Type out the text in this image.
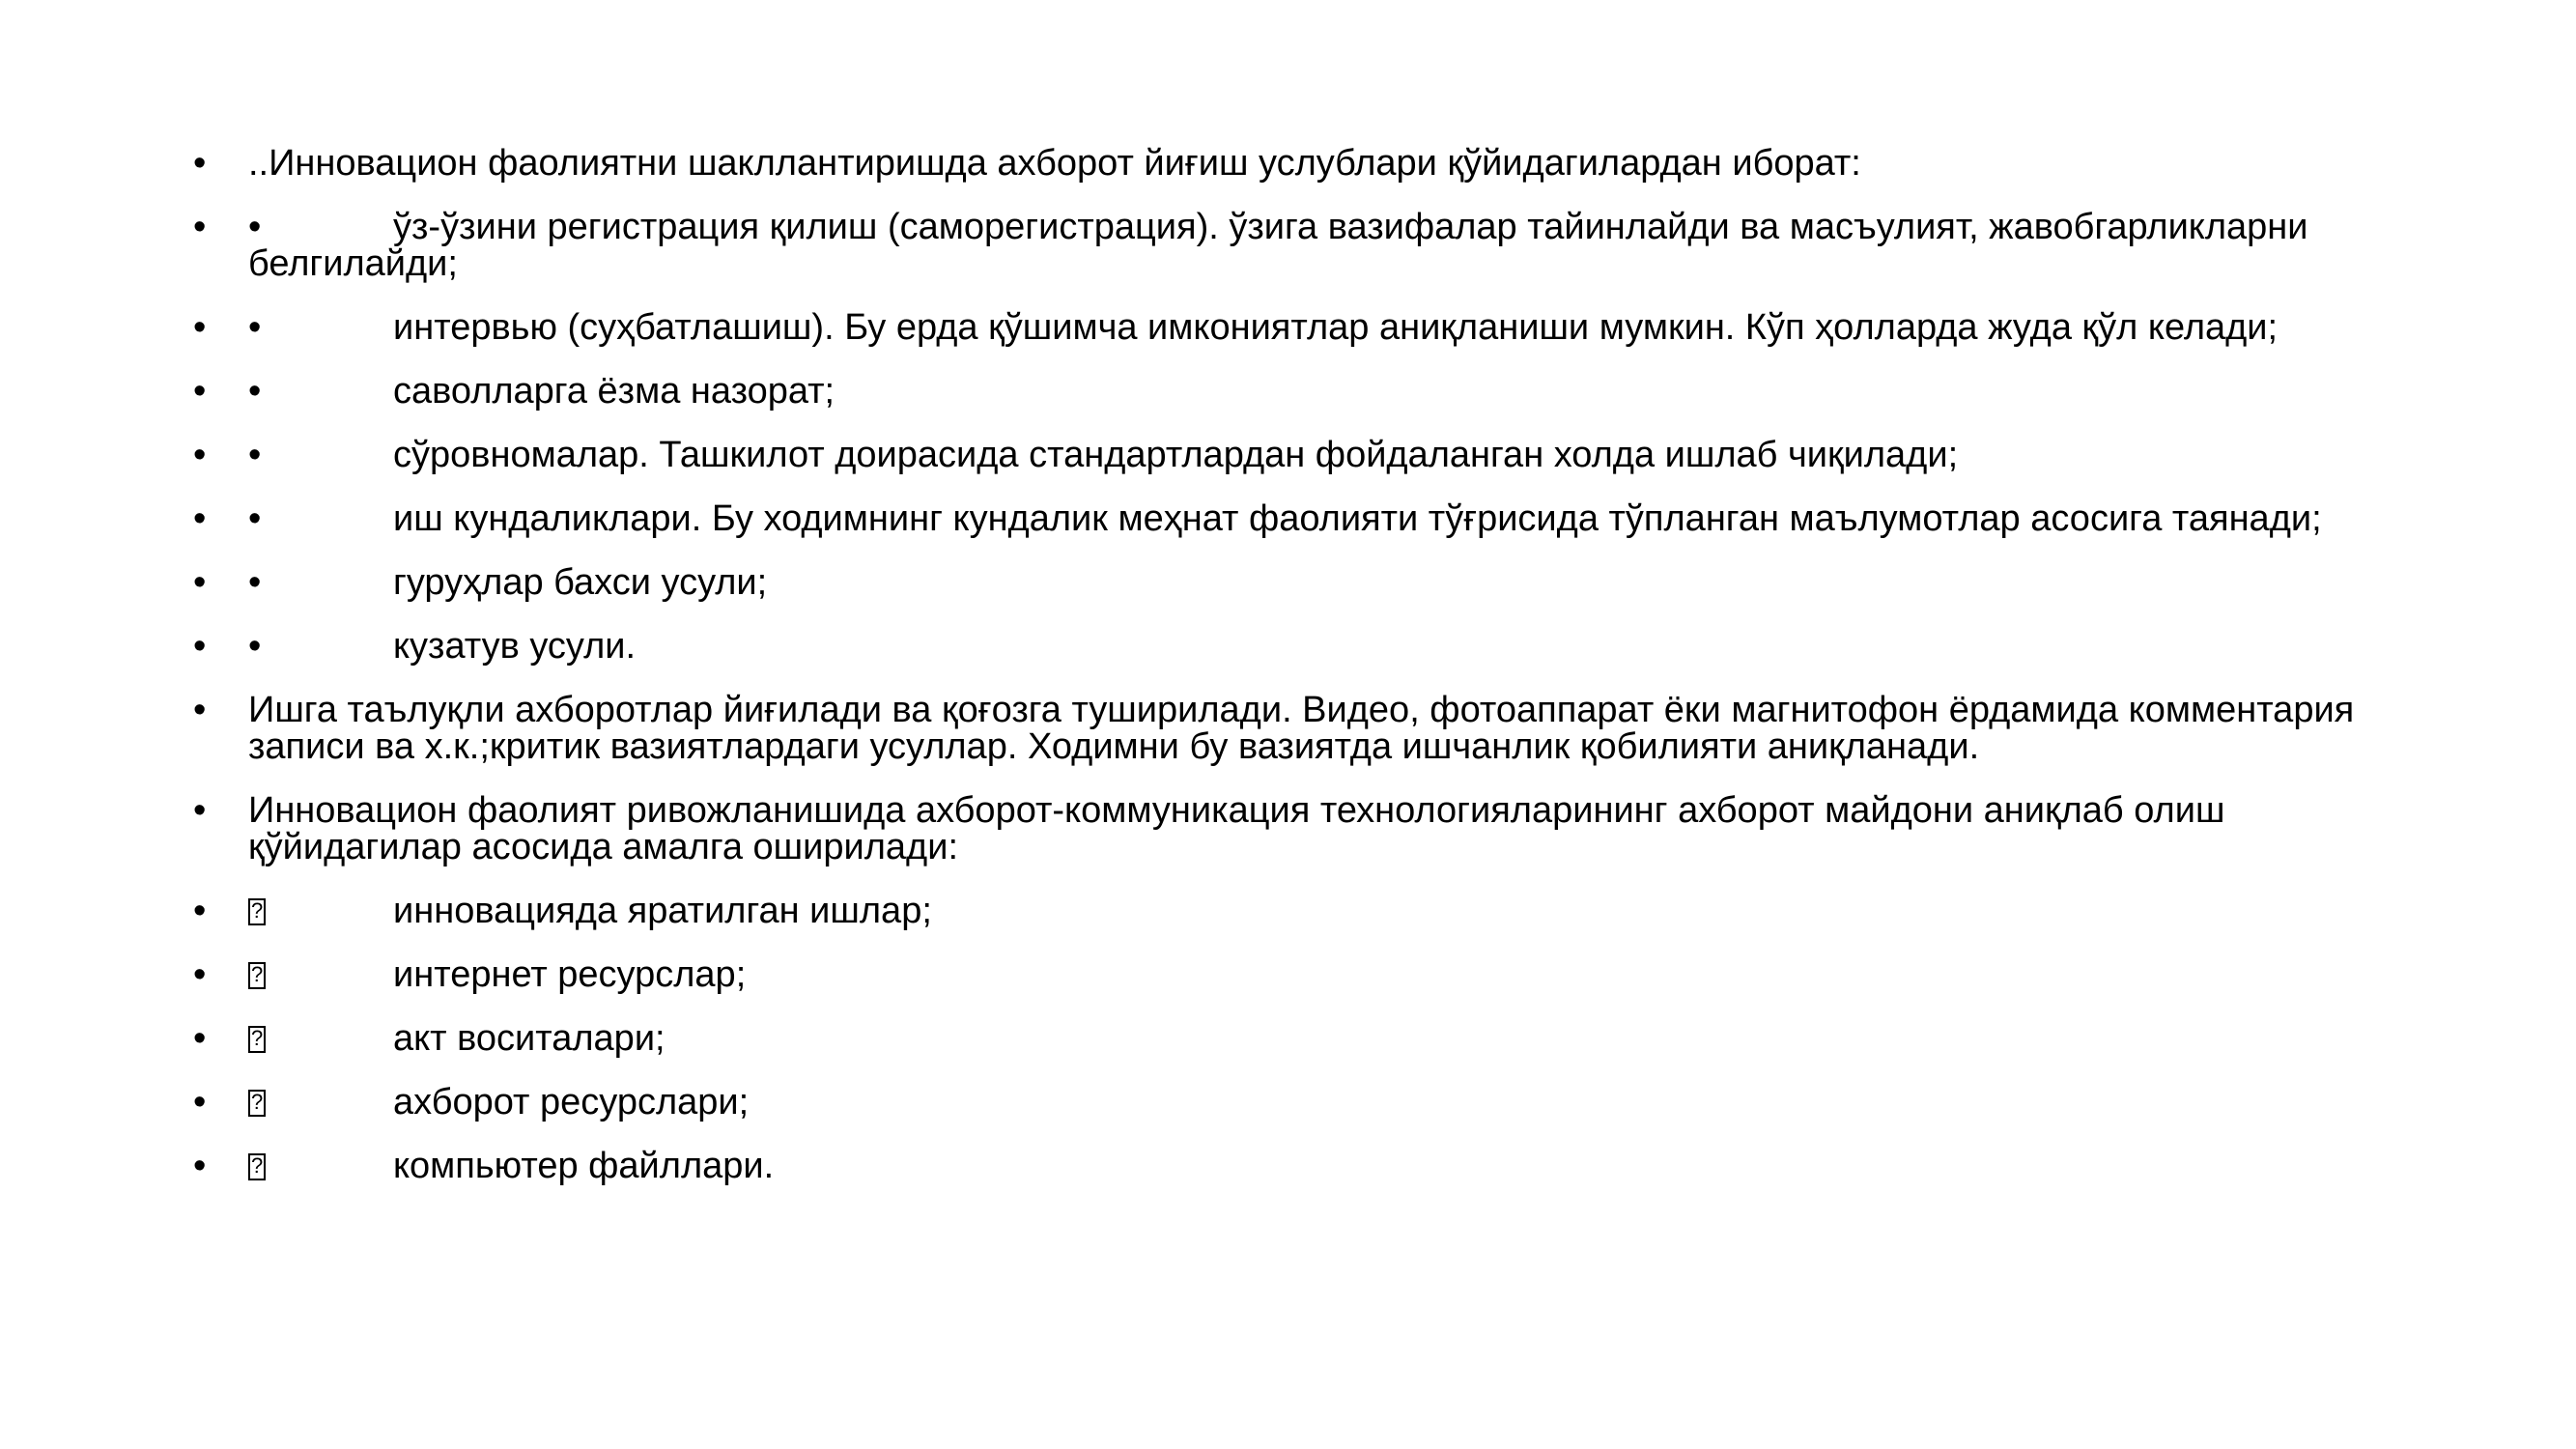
•	..Инновацион фаолиятни шакллантиришда ахборот йиғиш услублари қўйидагилардан иборат:
•	•	ўз-ўзини регистрация қилиш (саморегистрация). ўзига вазифалар тайинлайди ва масъулият, жавобгарликларни белгилайди;
•	•	интервью (суҳбатлашиш). Бу ерда қўшимча имкониятлар аниқланиши мумкин. Кўп ҳолларда жуда қўл келади;
•	•	саволларга ёзма назорат;
•	•	сўровномалар. Ташкилот доирасида стандартлардан фойдаланган холда ишлаб чиқилади;
•	•	иш кундаликлари. Бу ходимнинг кундалик меҳнат фаолияти тўғрисида тўпланган маълумотлар асосига таянади;
•	•	гуруҳлар бахси усули;
•	•	кузатув усули.
•	Ишга таълуқли ахборотлар йиғилади ва қоғозга туширилади. Видео, фотоаппарат ёки магнитофон ёрдамида комментария записи ва х.к.;критик вазиятлардаги усуллар. Ходимни бу вазиятда ишчанлик қобилияти аниқланади.
•	Инновацион фаолият ривожланишида ахборот-коммуникация технологияларининг ахборот майдони аниқлаб олиш қўйидагилар асосида амалга оширилади:
• ?	инновацияда яратилган ишлар;
• ?	интернет ресурслар;
• ?	акт воситалари;
• ?	ахборот ресурслари;
• ?	компьютер файллари.
